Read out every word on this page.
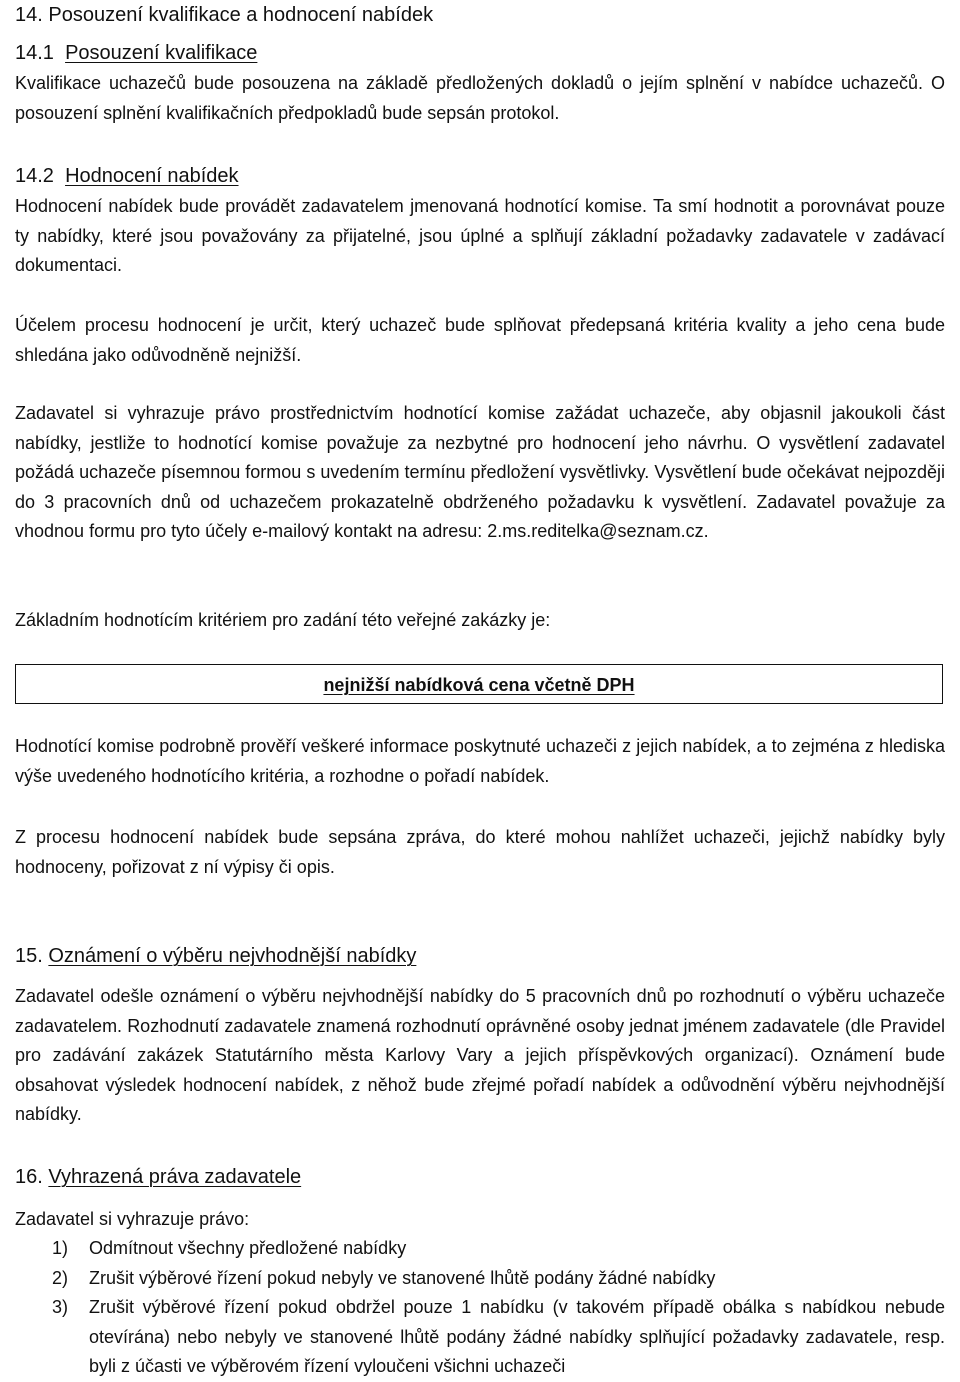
14. Posouzení kvalifikace a hodnocení nabídek
14.1 Posouzení kvalifikace

Kvalifikace uchazečů bude posouzena na základě předložených dokladů o jejím splnění v nabídce uchazečů. O posouzení splnění kvalifikačních předpokladů bude sepsán protokol.

14.2 Hodnocení nabídek

Hodnocení nabídek bude provádět zadavatelem jmenovaná hodnotící komise. Ta smí hodnotit a porovnávat pouze ty nabídky, které jsou považovány za přijatelné, jsou úplné a splňují základní požadavky zadavatele v zadávací dokumentaci.

Účelem procesu hodnocení je určit, který uchazeč bude splňovat předepsaná kritéria kvality a jeho cena bude shledána jako odůvodněně nejnižší.

Zadavatel si vyhrazuje právo prostřednictvím hodnotící komise zažádat uchazeče, aby objasnil jakoukoli část nabídky, jestliže to hodnotící komise považuje za nezbytné pro hodnocení jeho návrhu. O vysvětlení zadavatel požádá uchazeče písemnou formou s uvedením termínu předložení vysvětlivky. Vysvětlení bude očekávat nejpozději do 3 pracovních dnů od uchazečem prokazatelně obdrženého požadavku k vysvětlení. Zadavatel považuje za vhodnou formu pro tyto účely e-mailový kontakt na adresu: 2.ms.reditelka@seznam.cz.

Základním hodnotícím kritériem pro zadání této veřejné zakázky je:

nejnižší nabídková cena včetně DPH

Hodnotící komise podrobně prověří veškeré informace poskytnuté uchazeči z jejich nabídek, a to zejména z hlediska výše uvedeného hodnotícího kritéria, a rozhodne o pořadí nabídek.

Z procesu hodnocení nabídek bude sepsána zpráva, do které mohou nahlížet uchazeči, jejichž nabídky byly hodnoceny, pořizovat z ní výpisy či opis.

15. Oznámení o výběru nejvhodnější nabídky

Zadavatel odešle oznámení o výběru nejvhodnější nabídky do 5 pracovních dnů po rozhodnutí o výběru uchazeče zadavatelem. Rozhodnutí zadavatele znamená rozhodnutí oprávněné osoby jednat jménem zadavatele (dle Pravidel pro zadávání zakázek Statutárního města Karlovy Vary a jejich příspěvkových organizací). Oznámení bude obsahovat výsledek hodnocení nabídek, z něhož bude zřejmé pořadí nabídek a odůvodnění výběru nejvhodnější nabídky.

16. Vyhrazená práva zadavatele

Zadavatel si vyhrazuje právo:

1) Odmítnout všechny předložené nabídky
2) Zrušit výběrové řízení pokud nebyly ve stanovené lhůtě podány žádné nabídky
3) Zrušit výběrové řízení pokud obdržel pouze 1 nabídku (v takovém případě obálka s nabídkou nebude otevírána) nebo nebyly ve stanovené lhůtě podány žádné nabídky splňující požadavky zadavatele, resp. byli z účasti ve výběrovém řízení vyloučeni všichni uchazeči
